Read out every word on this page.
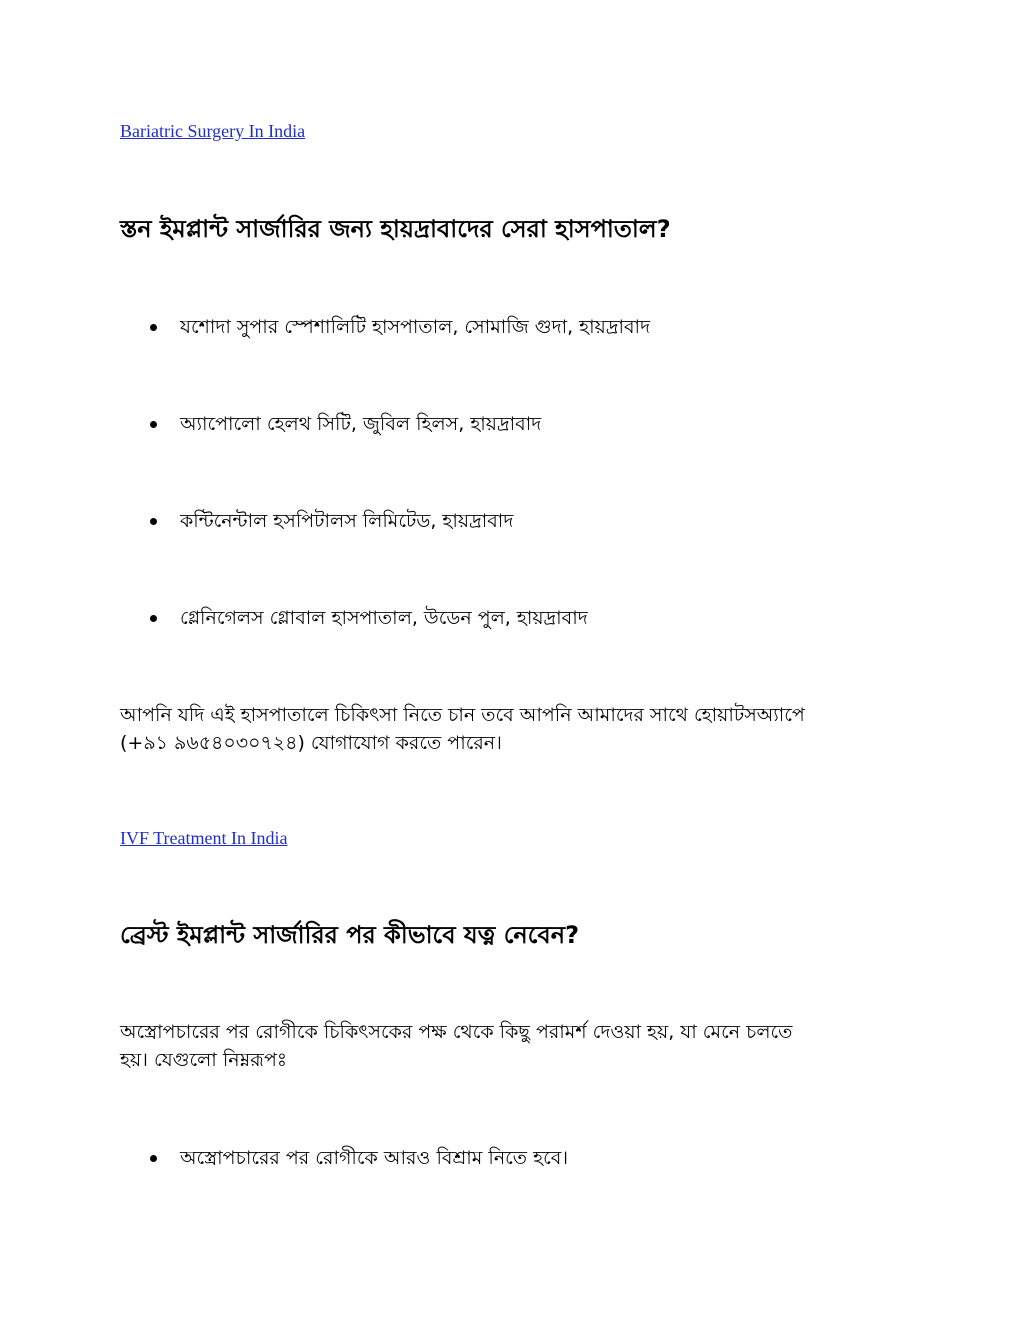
Bariatric Surgery In India
স্তন ইমপ্লান্ট সার্জারির জন্য হায়দ্রাবাদের সেরা হাসপাতাল?
যশোদা সুপার স্পেশালিটি হাসপাতাল, সোমাজি গুদা, হায়দ্রাবাদ
অ্যাপোলো হেলথ সিটি, জুবিল হিলস, হায়দ্রাবাদ
কন্টিনেন্টাল হসপিটালস লিমিটেড, হায়দ্রাবাদ
গ্লেনিগেলস গ্লোবাল হাসপাতাল, উডেন পুল, হায়দ্রাবাদ
আপনি যদি এই হাসপাতালে চিকিৎসা নিতে চান তবে আপনি আমাদের সাথে হোয়াটসঅ্যাপে
(+৯১ ৯৬৫৪০৩০৭২৪) যোগাযোগ করতে পারেন।
IVF Treatment In India
ব্রেস্ট ইমপ্লান্ট সার্জারির পর কীভাবে যত্ন নেবেন?
অস্ত্রোপচারের পর রোগীকে চিকিৎসকের পক্ষ থেকে কিছু পরামর্শ দেওয়া হয়, যা মেনে চলতে
হয়। যেগুলো নিম্নরূপঃ
অস্ত্রোপচারের পর রোগীকে আরও বিশ্রাম নিতে হবে।
